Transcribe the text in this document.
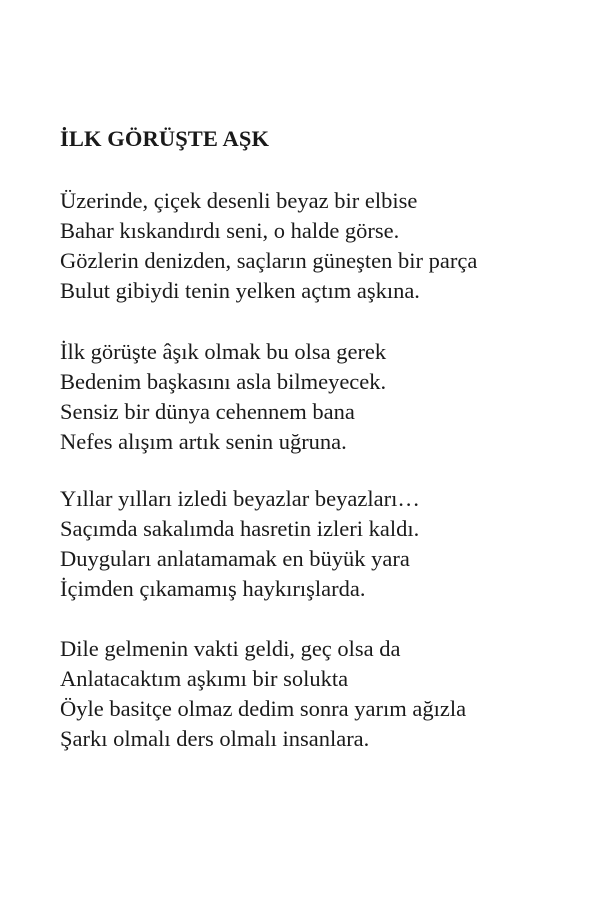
İLK GÖRÜŞTE AŞK
Üzerinde, çiçek desenli beyaz bir elbise
Bahar kıskandırdı seni, o halde görse.
Gözlerin denizden, saçların güneşten bir parça
Bulut gibiydi tenin yelken açtım aşkına.
İlk görüşte âşık olmak bu olsa gerek
Bedenim başkasını asla bilmeyecek.
Sensiz bir dünya cehennem bana
Nefes alışım artık senin uğruna.
Yıllar yılları izledi beyazlar beyazları…
Saçımda sakalımda hasretin izleri kaldı.
Duyguları anlatamamak en büyük yara
İçimden çıkamamış haykırışlarda.
Dile gelmenin vakti geldi, geç olsa da
Anlatacaktım aşkımı bir solukta
Öyle basitçe olmaz dedim sonra yarım ağızla
Şarkı olmalı ders olmalı insanlara.
